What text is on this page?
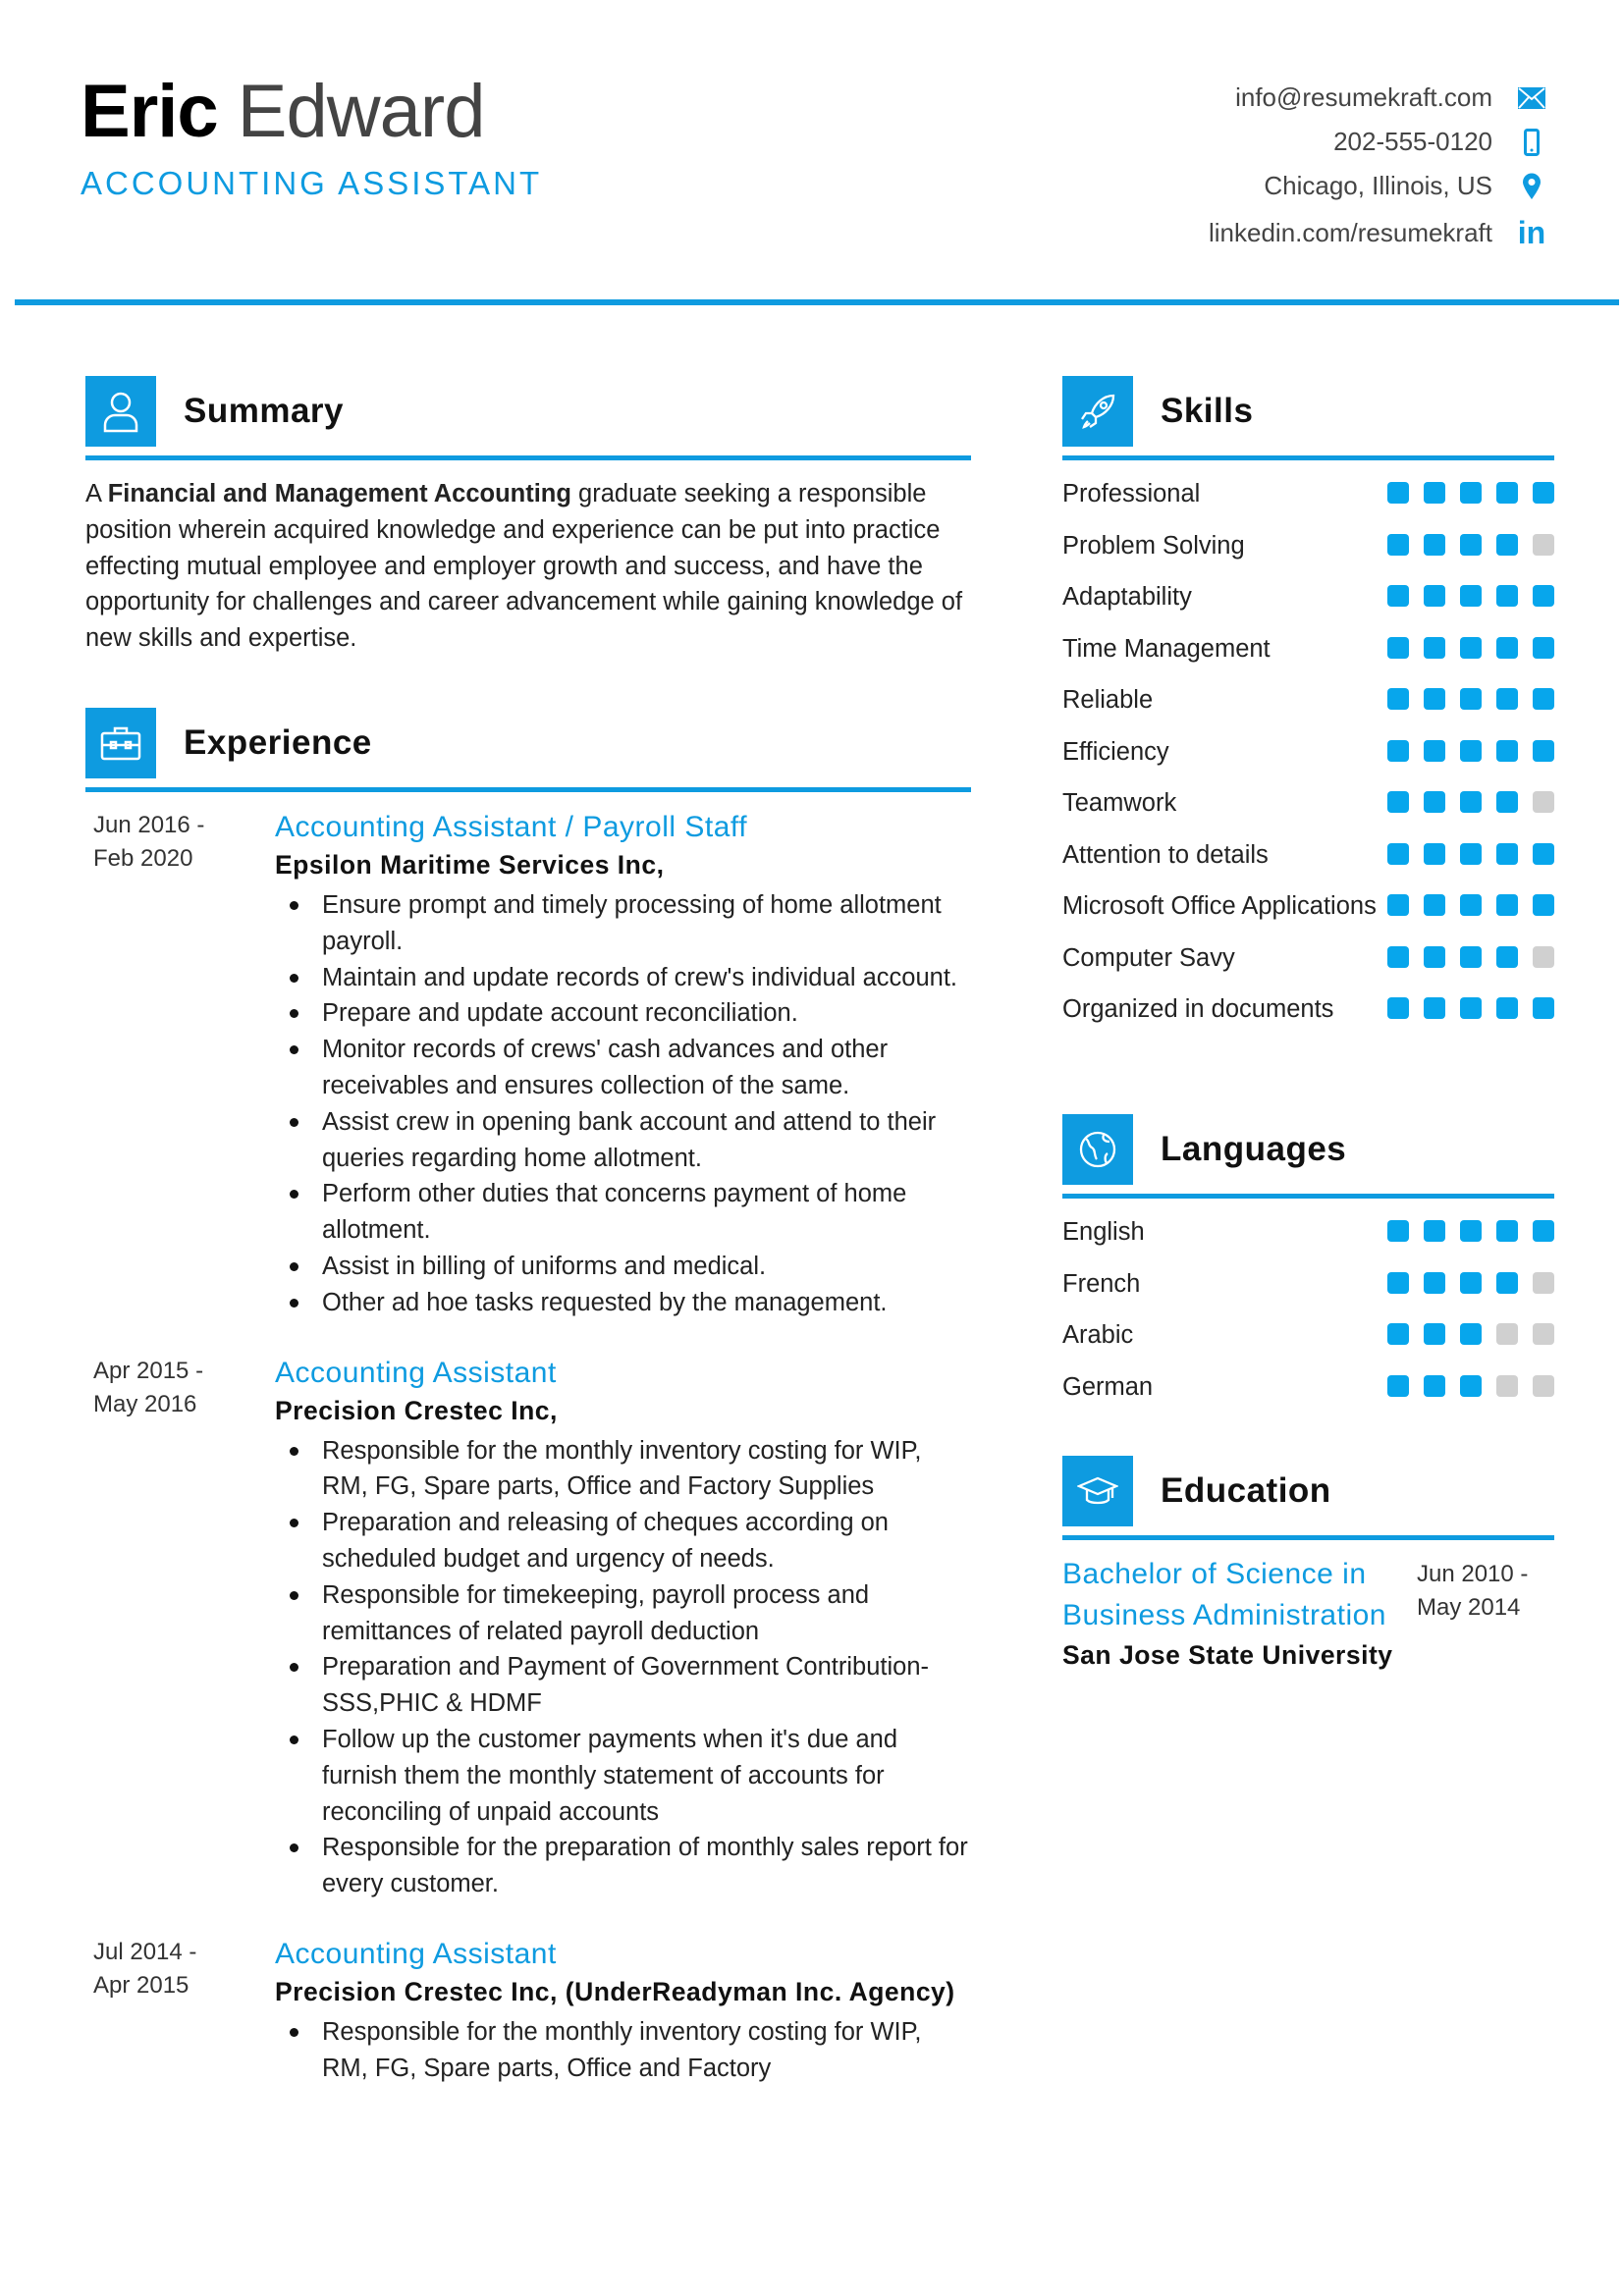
Eric Edward
ACCOUNTING ASSISTANT
info@resumekraft.com
202-555-0120
Chicago, Illinois, US
linkedin.com/resumekraft in
Summary

A Financial and Management Accounting graduate seeking a responsible position wherein acquired knowledge and experience can be put into practice effecting mutual employee and employer growth and success, and have the opportunity for challenges and career advancement while gaining knowledge of new skills and expertise.

Experience
Jun 2016 -
Feb 2020
Accounting Assistant / Payroll Staff
Epsilon Maritime Services Inc,
Ensure prompt and timely processing of home allotment payroll.
Maintain and update records of crew's individual account.
Prepare and update account reconciliation.
Monitor records of crews' cash advances and other receivables and ensures collection of the same.
Assist crew in opening bank account and attend to their queries regarding home allotment.
Perform other duties that concerns payment of home allotment.
Assist in billing of uniforms and medical.
Other ad hoe tasks requested by the management.
Apr 2015 -
May 2016
Accounting Assistant
Precision Crestec Inc,
Responsible for the monthly inventory costing for WIP, RM, FG, Spare parts, Office and Factory Supplies
Preparation and releasing of cheques according on scheduled budget and urgency of needs.
Responsible for timekeeping, payroll process and remittances of related payroll deduction
Preparation and Payment of Government Contribution-SSS,PHIC & HDMF
Follow up the customer payments when it's due and furnish them the monthly statement of accounts for reconciling of unpaid accounts
Responsible for the preparation of monthly sales report for every customer.
Jul 2014 -
Apr 2015
Accounting Assistant
Precision Crestec Inc, (UnderReadyman Inc. Agency)
Responsible for the monthly inventory costing for WIP, RM, FG, Spare parts, Office and Factory
Skills
Professional
Problem Solving
Adaptability
Time Management
Reliable
Efficiency
Teamwork
Attention to details
Microsoft Office Applications
Computer Savy
Organized in documents
Languages
English
French
Arabic
German
Education
Bachelor of Science in Business Administration
San Jose State University
Jun 2010 -
May 2014
